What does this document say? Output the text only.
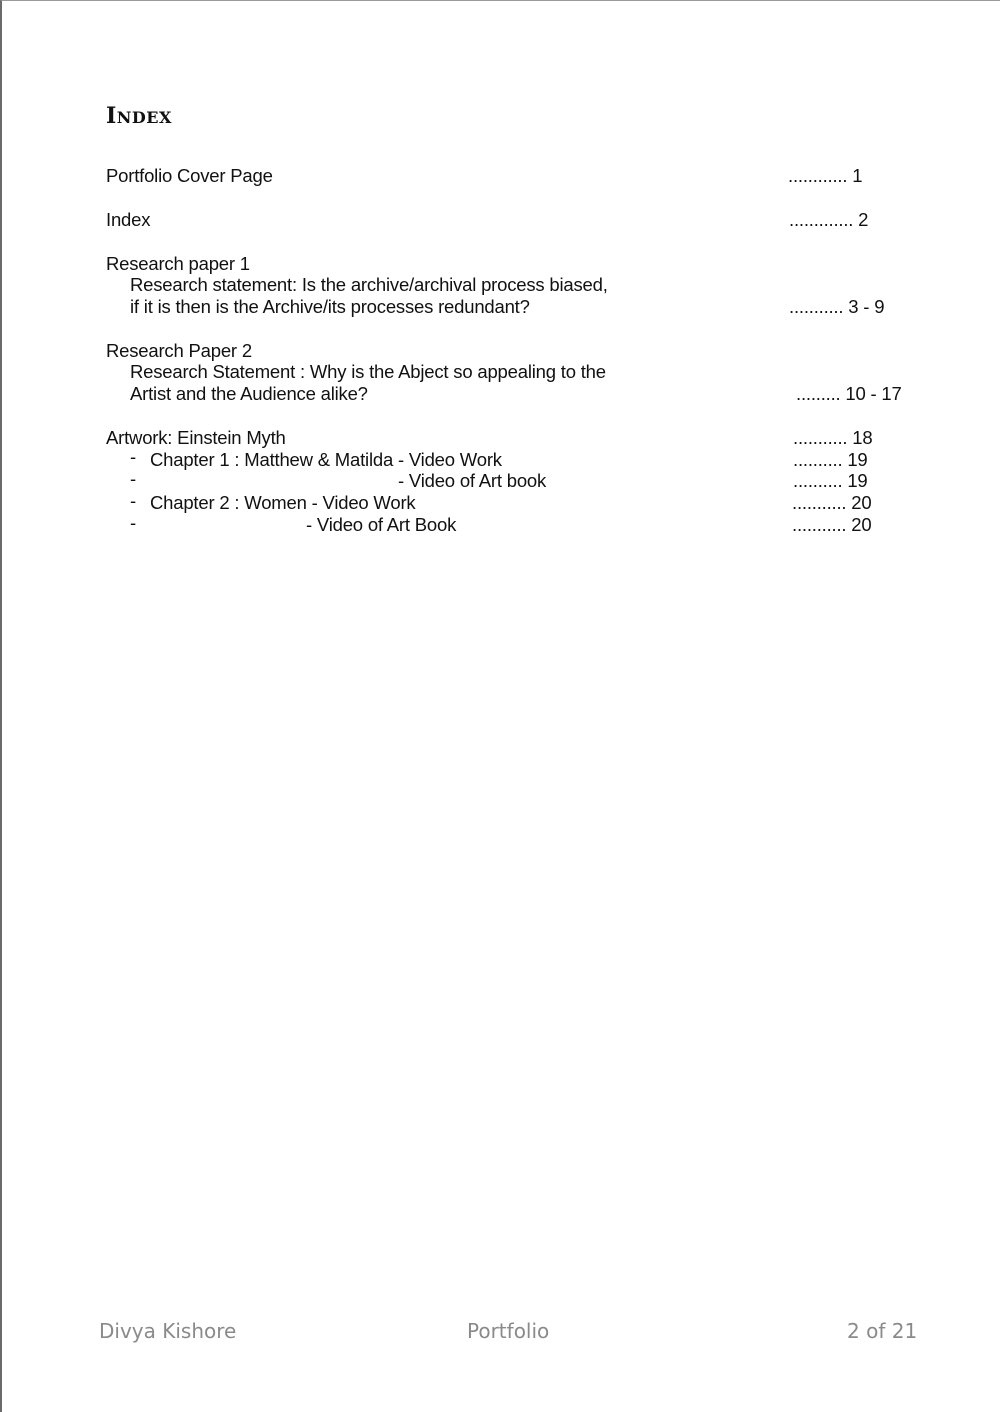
INDEX
Portfolio Cover Page	............ 1
Index	............. 2
Research paper 1
Research statement: Is the archive/archival process biased,
if it is then is the Archive/its processes redundant?	........... 3 - 9
Research Paper 2
Research Statement : Why is the Abject so appealing to the
Artist and the Audience alike?	......... 10 - 17
Artwork: Einstein Myth	........... 18
- Chapter 1 : Matthew & Matilda - Video Work	.......... 19
-	- Video of Art book	.......... 19
- Chapter 2 : Women - Video Work	........... 20
-	- Video of Art Book	........... 20
Divya Kishore	Portfolio	2 of 21
